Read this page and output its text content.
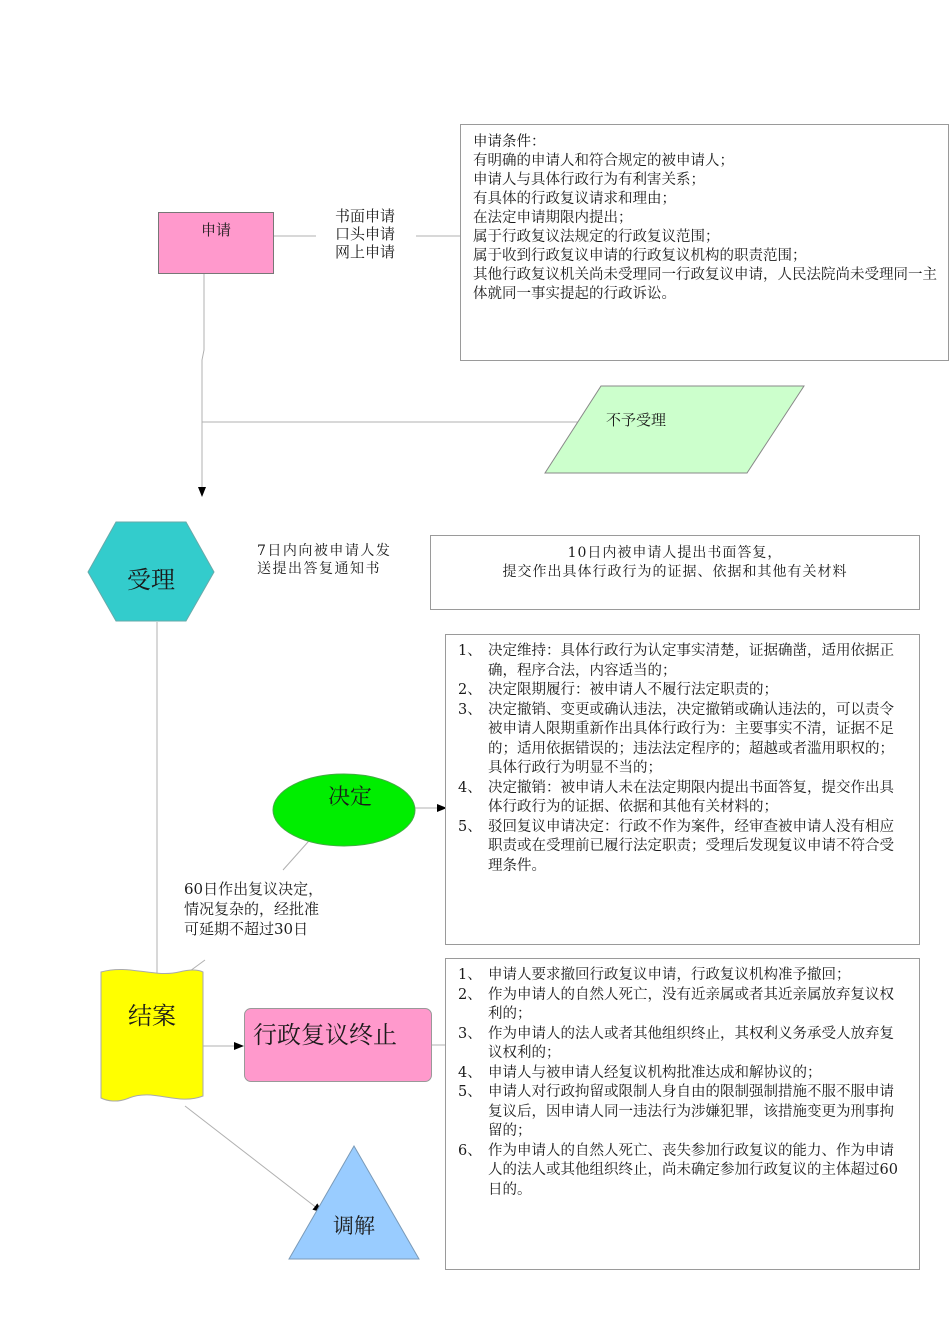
申请
书面申请
口头申请
网上申请
申请条件：
有明确的申请人和符合规定的被申请人；
申请人与具体行政行为有利害关系；
有具体的行政复议请求和理由；
在法定申请期限内提出；
属于行政复议法规定的行政复议范围；
属于收到行政复议申请的行政复议机构的职责范围；
其他行政复议机关尚未受理同一行政复议申请，人民法院尚未受理同一主体就同一事实提起的行政诉讼。
不予受理
受理
7日内向被申请人发送提出答复通知书
10日内被申请人提出书面答复，
提交作出具体行政行为的证据、依据和其他有关材料
决定
1、 决定维持：具体行政行为认定事实清楚，证据确凿，适用依据正确，程序合法，内容适当的；
2、 决定限期履行：被申请人不履行法定职责的；
3、 决定撤销、变更或确认违法，决定撤销或确认违法的，可以责令被申请人限期重新作出具体行政行为：主要事实不清，证据不足的；适用依据错误的；违法法定程序的；超越或者滥用职权的；具体行政行为明显不当的；
4、 决定撤销：被申请人未在法定期限内提出书面答复，提交作出具体行政行为的证据、依据和其他有关材料的；
5、 驳回复议申请决定：行政不作为案件，经审查被申请人没有相应职责或在受理前已履行法定职责；受理后发现复议申请不符合受理条件。
60日作出复议决定，
情况复杂的，经批准
可延期不超过30日
结案
行政复议终止
1、 申请人要求撤回行政复议申请，行政复议机构准予撤回；
2、 作为申请人的自然人死亡，没有近亲属或者其近亲属放弃复议权利的；
3、 作为申请人的法人或者其他组织终止，其权利义务承受人放弃复议权利的；
4、 申请人与被申请人经复议机构批准达成和解协议的；
5、 申请人对行政拘留或限制人身自由的限制强制措施不服不服申请复议后，因申请人同一违法行为涉嫌犯罪，该措施变更为刑事拘留的；
6、 作为申请人的自然人死亡、丧失参加行政复议的能力、作为申请人的法人或其他组织终止，尚未确定参加行政复议的主体超过60日的。
调解
